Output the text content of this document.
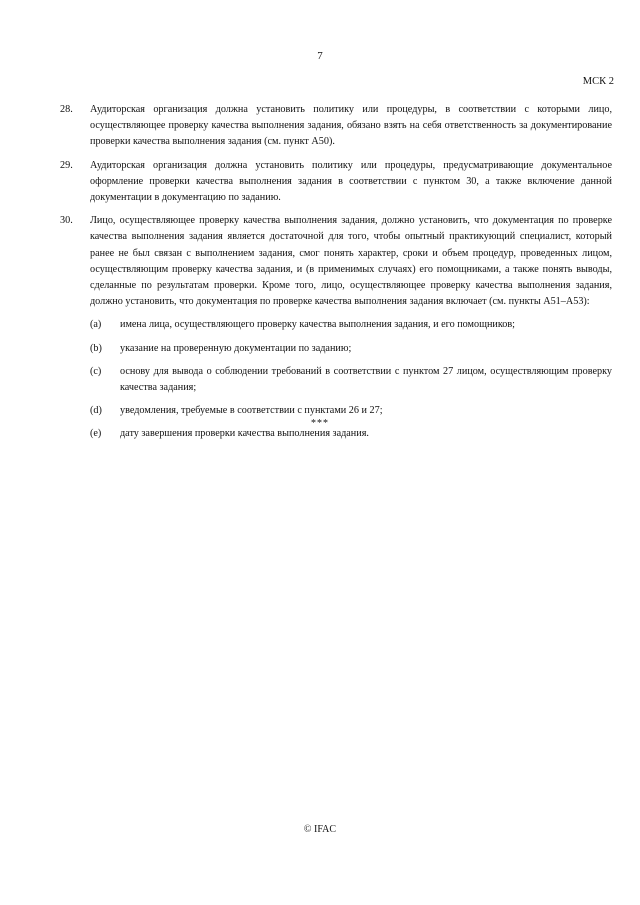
7
МСК 2
28.	Аудиторская организация должна установить политику или процедуры, в соответствии с которыми лицо, осуществляющее проверку качества выполнения задания, обязано взять на себя ответственность за документирование проверки качества выполнения задания (см. пункт А50).
29.	Аудиторская организация должна установить политику или процедуры, предусматривающие документальное оформление проверки качества выполнения задания в соответствии с пунктом 30, а также включение данной документации в документацию по заданию.
30.	Лицо, осуществляющее проверку качества выполнения задания, должно установить, что документация по проверке качества выполнения задания является достаточной для того, чтобы опытный практикующий специалист, который ранее не был связан с выполнением задания, смог понять характер, сроки и объем процедур, проведенных лицом, осуществляющим проверку качества задания, и (в применимых случаях) его помощниками, а также понять выводы, сделанные по результатам проверки. Кроме того, лицо, осуществляющее проверку качества выполнения задания, должно установить, что документация по проверке качества выполнения задания включает (см. пункты А51–А53):
(a)	имена лица, осуществляющего проверку качества выполнения задания, и его помощников;
(b)	указание на проверенную документации по заданию;
(c)	основу для вывода о соблюдении требований в соответствии с пунктом 27 лицом, осуществляющим проверку качества задания;
(d)	уведомления, требуемые в соответствии с пунктами 26 и 27;
(e)	дату завершения проверки качества выполнения задания.
***
© IFAC
